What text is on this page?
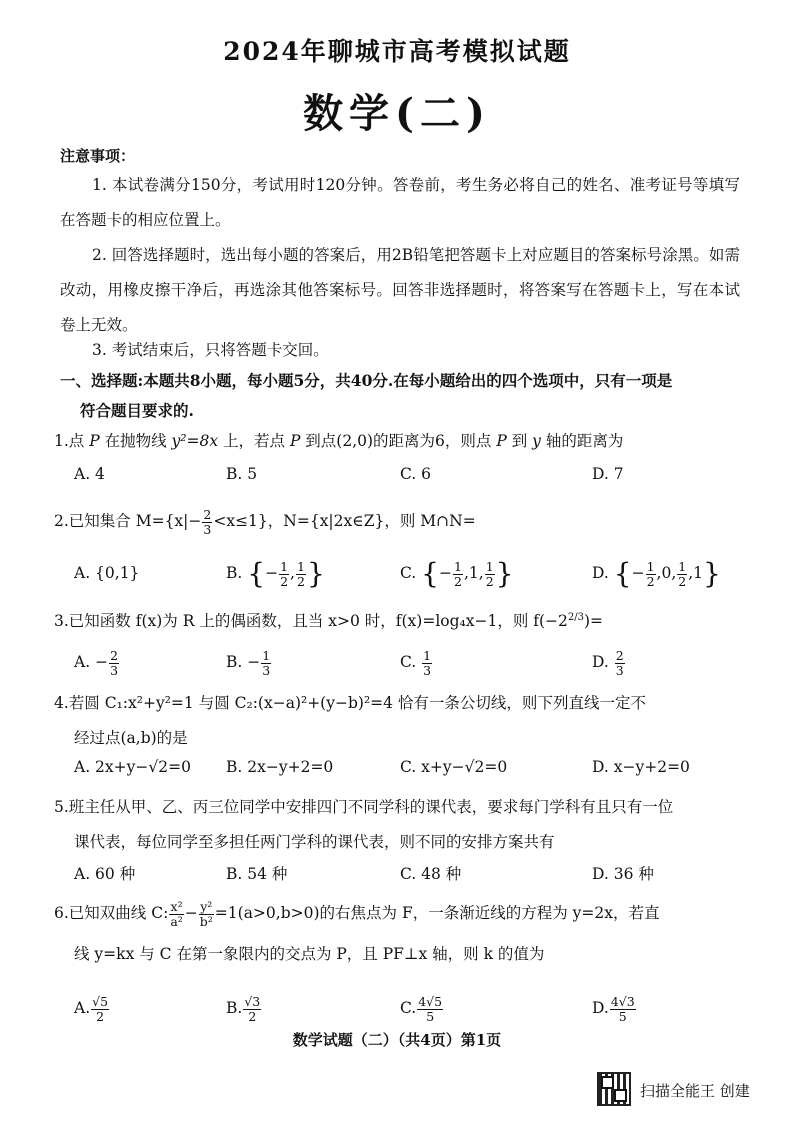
2024年聊城市高考模拟试题
数学(二)
注意事项：
1. 本试卷满分150分，考试用时120分钟。答卷前，考生务必将自己的姓名、准考证号等填写在答题卡的相应位置上。
2. 回答选择题时，选出每小题的答案后，用2B铅笔把答题卡上对应题目的答案标号涂黑。如需改动，用橡皮擦干净后，再选涂其他答案标号。回答非选择题时，将答案写在答题卡上，写在本试卷上无效。
3. 考试结束后，只将答题卡交回。
一、选择题:本题共8小题，每小题5分，共40分.在每小题给出的四个选项中，只有一项是
符合题目要求的.
1.点 P 在抛物线 y²=8x 上，若点 P 到点(2,0)的距离为6，则点 P 到 y 轴的距离为
A. 4	B. 5	C. 6	D. 7
2.已知集合 $M=\{x|- \frac{2}{3} <x\le 1\}$，N={x|2x∈Z}，则 M∩N=
A. {0,1}	B. {− $\frac{1}{2}$ , $\frac{1}{2}$ }	C. {− $\frac{1}{2} ,1$, $\frac{1}{2}$ }	D. {− $\frac{1}{2} ,0$, $\frac{1}{2} ,1$}
3.已知函数 f(x)为 R 上的偶函数，且当 x>0 时，f(x)=log₄x−1，则 $f(-2^{2/3})=$
A. − $\frac{2}{3}$	B. − $\frac{1}{3}$	C. $\frac{1}{3}$	D. $\frac{2}{3}$
4.若圆 C₁:x²+y²=1 与圆 C₂:(x−a)²+(y−b)²=4 恰有一条公切线，则下列直线一定不
经过点(a,b)的是
A. 2x+y−√2=0 B. 2x−y+2=0	C. x+y−√2=0	D. x−y+2=0
5.班主任从甲、乙、丙三位同学中安排四门不同学科的课代表，要求每门学科有且只有一位
课代表，每位同学至多担任两门学科的课代表，则不同的安排方案共有
A. 60 种	B. 54 种	C. 48 种	D. 36 种
6.已知双曲线 C: $\frac{\text{x²}}{\text{a²}} - \frac{\text{y²}}{\text{b²}} =1(a>0,b>0)$的右焦点为 F，一条渐近线的方程为 y=2x，若直
线 y=kx 与 C 在第一象限内的交点为 P，且 PF⊥x 轴，则 k 的值为
A. $\frac{√5}{2}$	B. $\frac{√3}{2}$	C. $\frac{4√5}{5}$	D. $\frac{4√3}{5}$
数学试题（二）（共4页）第1页
扫描全能王 创建
